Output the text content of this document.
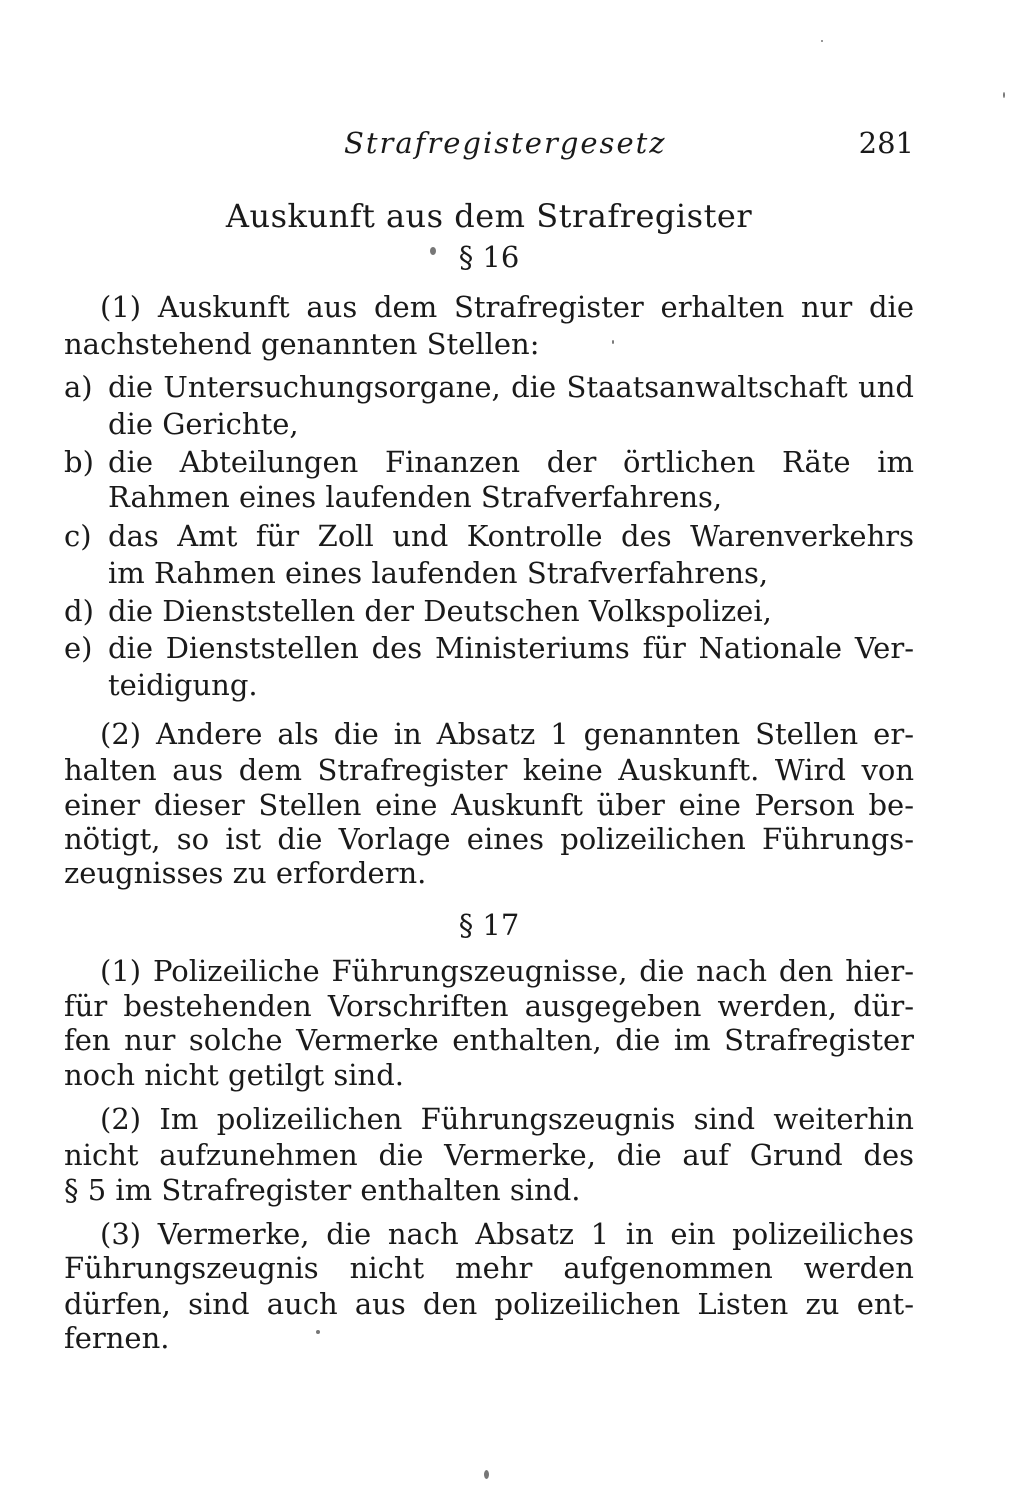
Strafregistergesetz	281
Auskunft aus dem Strafregister
§ 16
(1) Auskunft aus dem Strafregister erhalten nur die
nachstehend genannten Stellen:
a) die Untersuchungsorgane, die Staatsanwaltschaft und
die Gerichte,
b) die Abteilungen Finanzen der örtlichen Räte im
Rahmen eines laufenden Strafverfahrens,
c) das Amt für Zoll und Kontrolle des Warenverkehrs
im Rahmen eines laufenden Strafverfahrens,
d) die Dienststellen der Deutschen Volkspolizei,
e) die Dienststellen des Ministeriums für Nationale Ver-
teidigung.
(2) Andere als die in Absatz 1 genannten Stellen er-
halten aus dem Strafregister keine Auskunft. Wird von
einer dieser Stellen eine Auskunft über eine Person be-
nötigt, so ist die Vorlage eines polizeilichen Führungs-
zeugnisses zu erfordern.
§ 17
(1) Polizeiliche Führungszeugnisse, die nach den hier-
für bestehenden Vorschriften ausgegeben werden, dür-
fen nur solche Vermerke enthalten, die im Strafregister
noch nicht getilgt sind.
(2) Im polizeilichen Führungszeugnis sind weiterhin
nicht aufzunehmen die Vermerke, die auf Grund des
§ 5 im Strafregister enthalten sind.
(3) Vermerke, die nach Absatz 1 in ein polizeiliches
Führungszeugnis nicht mehr aufgenommen werden
dürfen, sind auch aus den polizeilichen Listen zu ent-
fernen.
